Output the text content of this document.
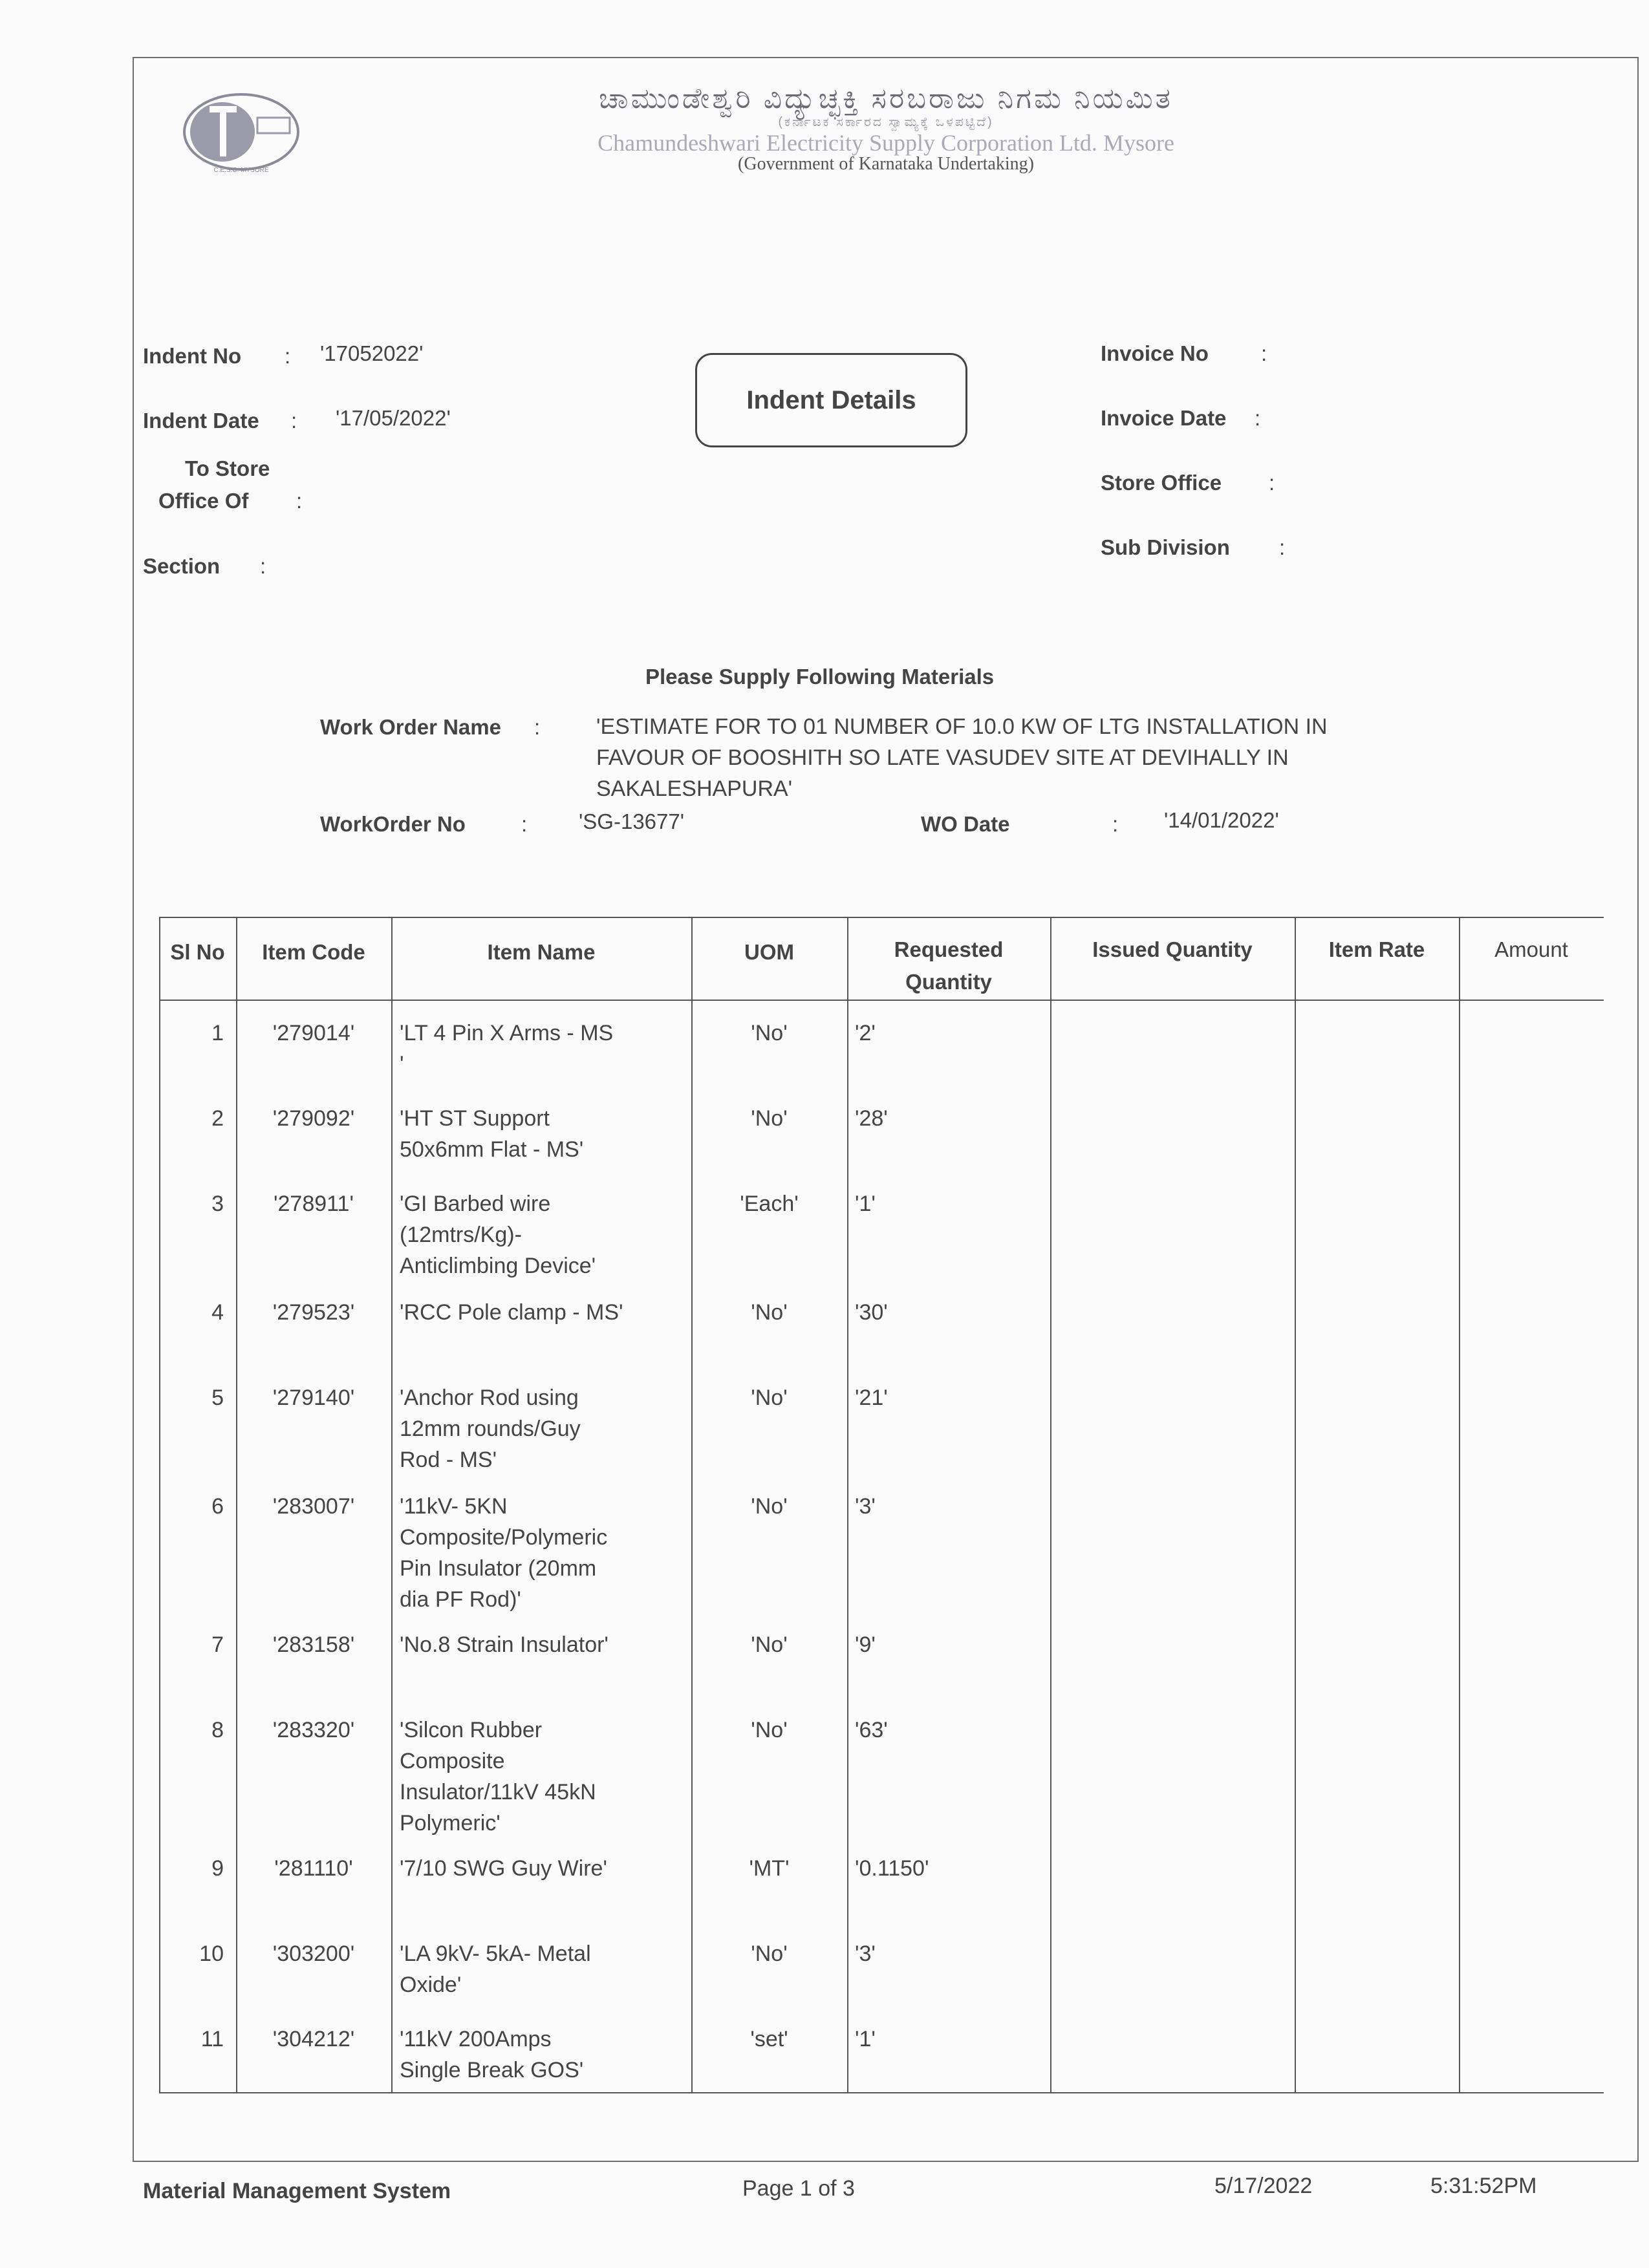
C.E.S.C. MYSORE
ಚಾಮುಂಡೇಶ್ವರಿ ವಿದ್ಯುಚ್ಛಕ್ತಿ ಸರಬರಾಜು ನಿಗಮ ನಿಯಮಿತ
(ಕರ್ನಾಟಕ ಸರ್ಕಾರದ ಸ್ವಾಮ್ಯಕ್ಕೆ ಒಳಪಟ್ಟಿದೆ)
Chamundeshwari Electricity Supply Corporation Ltd. Mysore
(Government of Karnataka Undertaking)
Indent No : '17052022'
Indent Date : '17/05/2022'
To Store
Office Of :
Section :
Indent Details
Invoice No :
Invoice Date :
Store Office :
Sub Division :
Please Supply Following Materials
Work Order Name :	'ESTIMATE FOR TO 01 NUMBER OF 10.0 KW OF LTG INSTALLATION IN
FAVOUR OF BOOSHITH SO LATE VASUDEV SITE AT DEVIHALLY IN
SAKALESHAPURA'
WorkOrder No	: 'SG-13677'	WO Date	: '14/01/2022'
Sl No	Item Code	Item Name	UOM	Requested
Quantity
Issued Quantity	Item Rate	Amount
1	'279014'	'LT 4 Pin X Arms - MS
'
'No'	'2'
2	'279092'	'HT ST Support
50x6mm Flat - MS'
'No'	'28'
3	'278911'	'GI Barbed wire
(12mtrs/Kg)-
Anticlimbing Device'
'Each'	'1'
4	'279523'	'RCC Pole clamp - MS'	'No'	'30'
5	'279140'	'Anchor Rod using
12mm rounds/Guy
Rod - MS'
'No'	'21'
6	'283007'	'11kV- 5KN
Composite/Polymeric
Pin Insulator (20mm
dia PF Rod)'
'No'	'3'
7	'283158'	'No.8 Strain Insulator'	'No'	'9'
8	'283320'	'Silcon Rubber
Composite
Insulator/11kV 45kN
Polymeric'
'No'	'63'
9	'281110'	'7/10 SWG Guy Wire'	'MT'	'0.1150'
10	'303200'	'LA 9kV- 5kA- Metal
Oxide'
'No'	'3'
11	'304212'	'11kV 200Amps
Single Break GOS'
'set'	'1'
Material Management System	Page 1 of 3	5/17/2022	5:31:52PM
